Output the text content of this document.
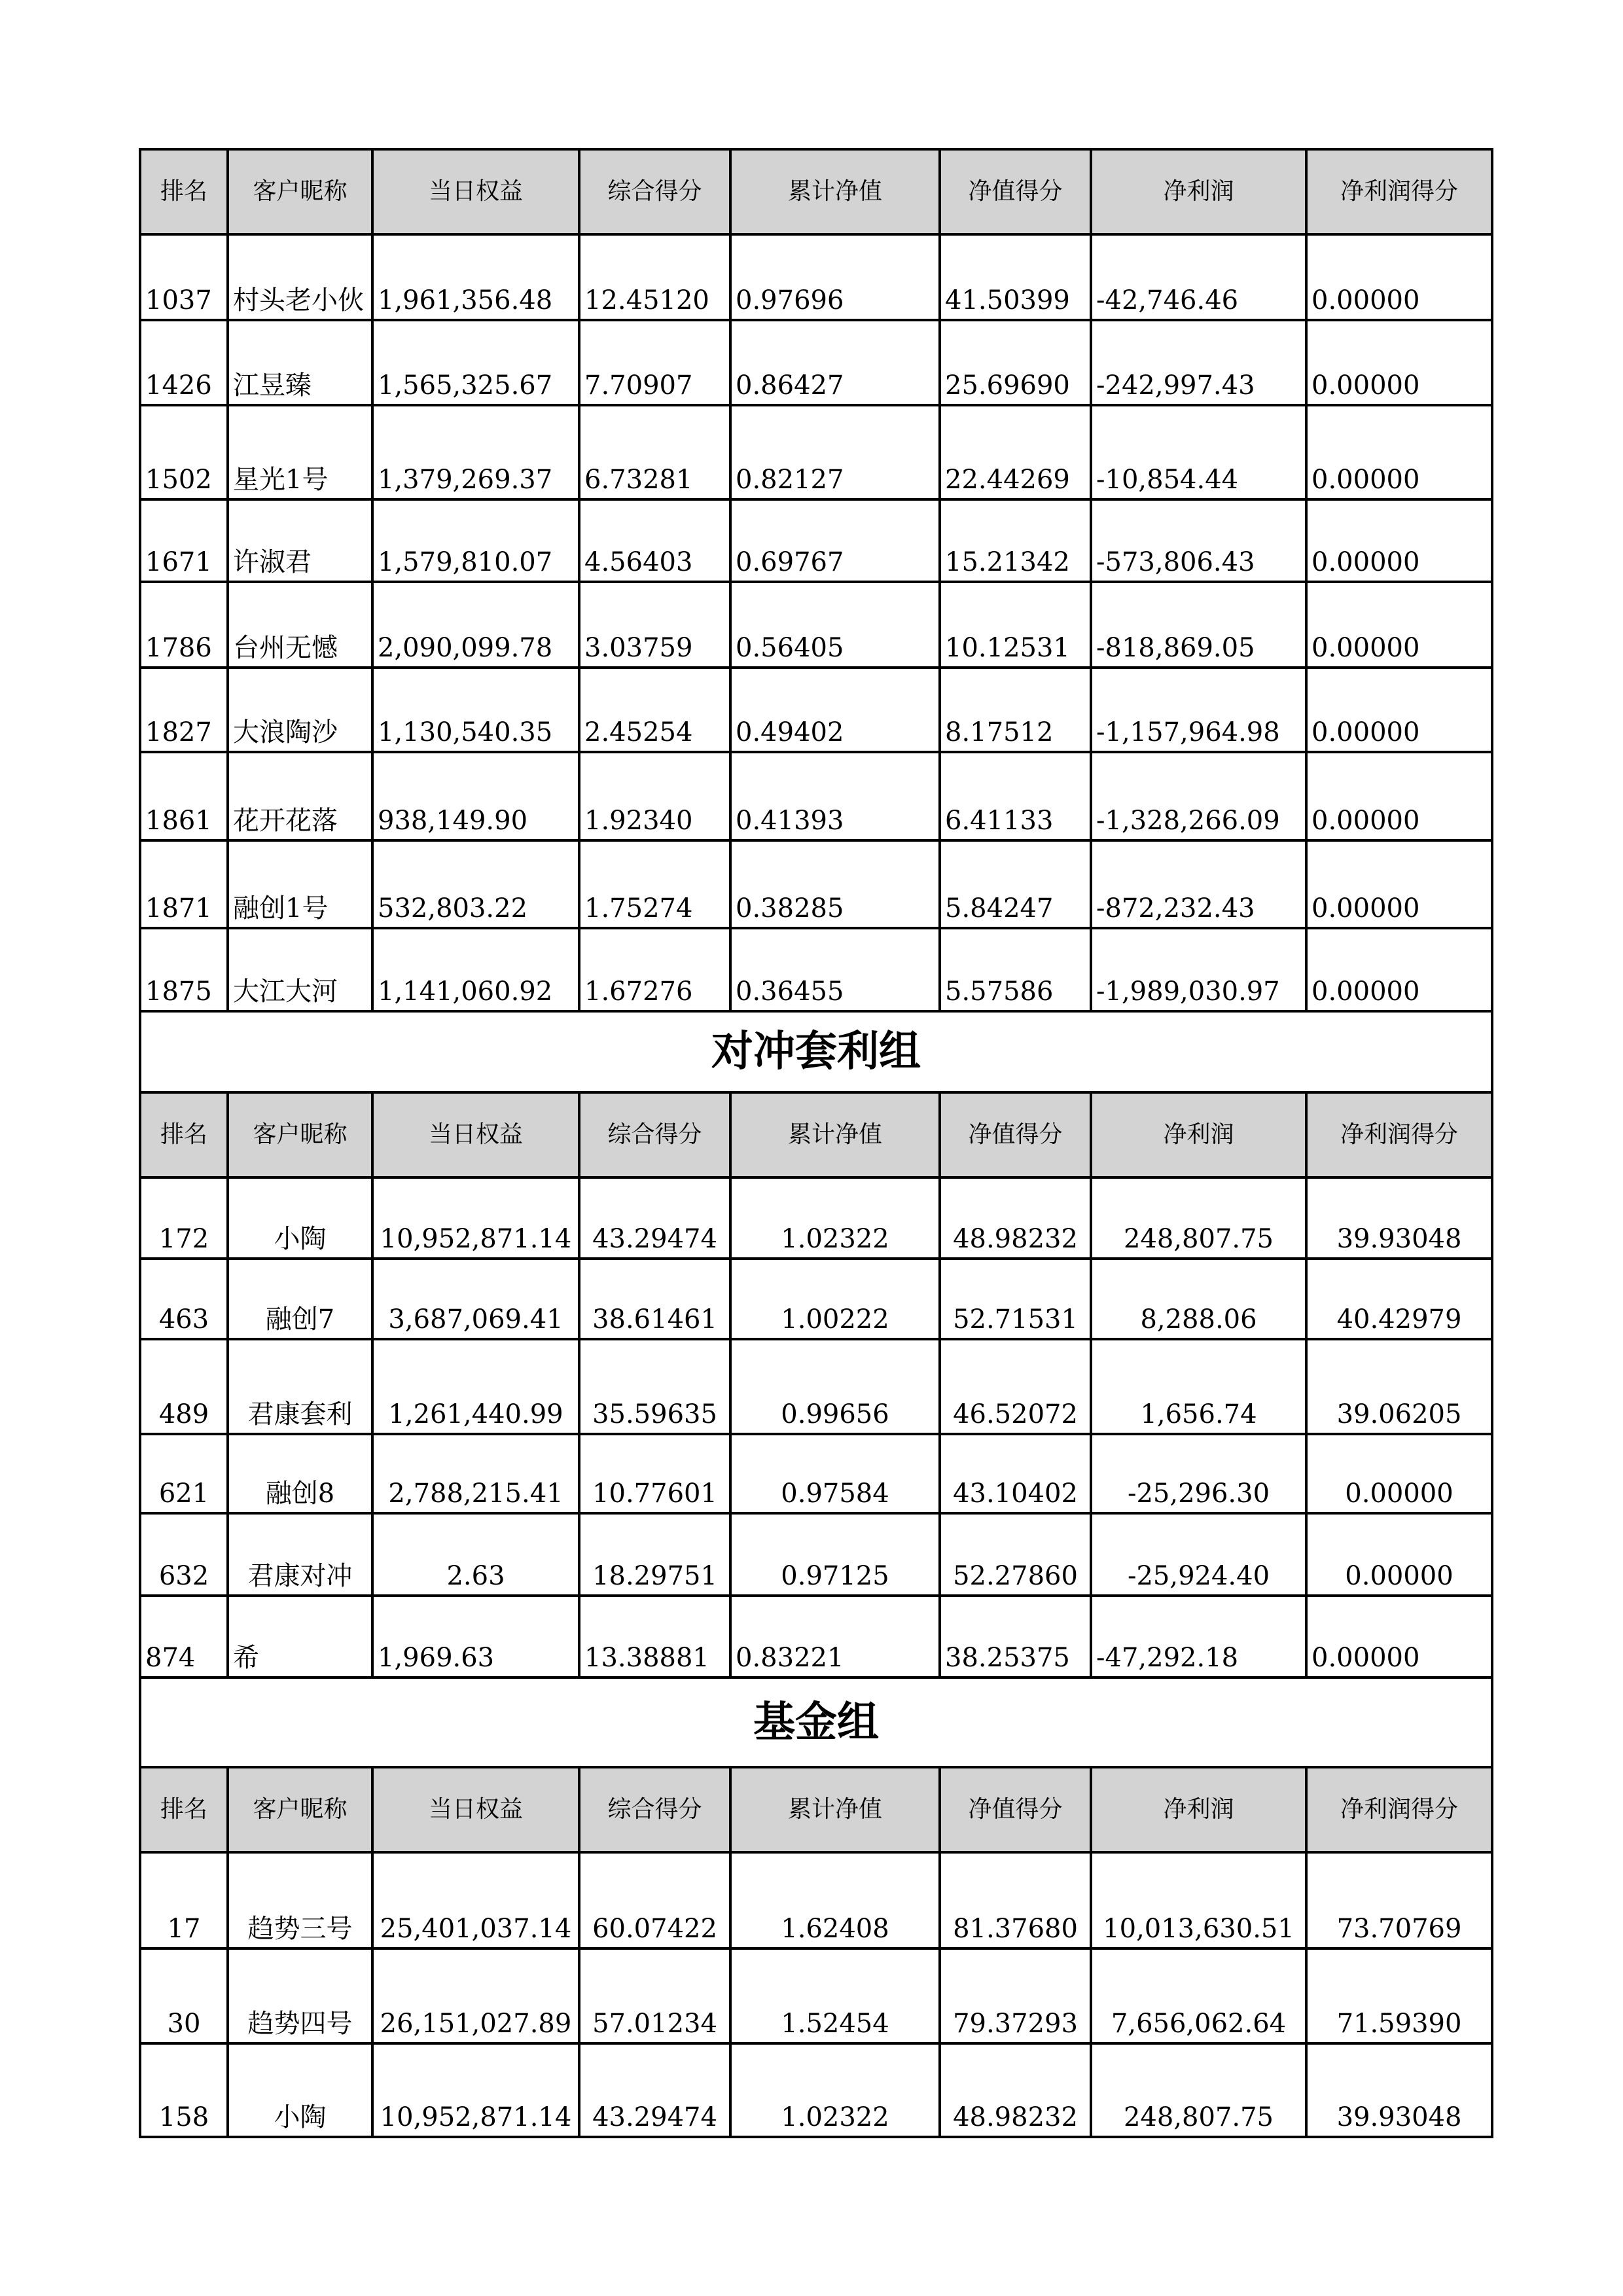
排名	客户昵称	当日权益	综合得分	累计净值	净值得分	净利润	净利润得分
1037	村头老小伙	1,961,356.48	12.45120	0.97696	41.50399	-42,746.46	0.00000
1426	江昱臻	1,565,325.67	7.70907	0.86427	25.69690	-242,997.43	0.00000
1502	星光1号	1,379,269.37	6.73281	0.82127	22.44269	-10,854.44	0.00000
1671	许淑君	1,579,810.07	4.56403	0.69767	15.21342	-573,806.43	0.00000
1786	台州无憾	2,090,099.78	3.03759	0.56405	10.12531	-818,869.05	0.00000
1827	大浪陶沙	1,130,540.35	2.45254	0.49402	8.17512	-1,157,964.98	0.00000
1861	花开花落	938,149.90	1.92340	0.41393	6.41133	-1,328,266.09	0.00000
1871	融创1号	532,803.22	1.75274	0.38285	5.84247	-872,232.43	0.00000
1875	大江大河	1,141,060.92	1.67276	0.36455	5.57586	-1,989,030.97	0.00000
对冲套利组							
排名	客户昵称	当日权益	综合得分	累计净值	净值得分	净利润	净利润得分
172	小陶	10,952,871.14	43.29474	1.02322	48.98232	248,807.75	39.93048
463	融创7	3,687,069.41	38.61461	1.00222	52.71531	8,288.06	40.42979
489	君康套利	1,261,440.99	35.59635	0.99656	46.52072	1,656.74	39.06205
621	融创8	2,788,215.41	10.77601	0.97584	43.10402	-25,296.30	0.00000
632	君康对冲	2.63	18.29751	0.97125	52.27860	-25,924.40	0.00000
874	希	1,969.63	13.38881	0.83221	38.25375	-47,292.18	0.00000
基金组							
排名	客户昵称	当日权益	综合得分	累计净值	净值得分	净利润	净利润得分
17	趋势三号	25,401,037.14	60.07422	1.62408	81.37680	10,013,630.51	73.70769
30	趋势四号	26,151,027.89	57.01234	1.52454	79.37293	7,656,062.64	71.59390
158	小陶	10,952,871.14	43.29474	1.02322	48.98232	248,807.75	39.93048
